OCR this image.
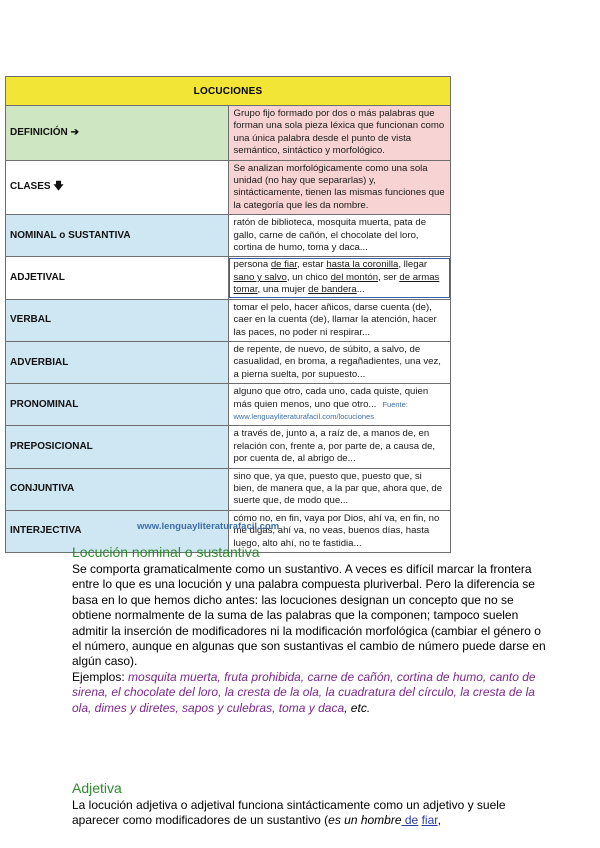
LOCUCIONES	
DEFINICIÓN ➔	Grupo fijo formado por dos o más palabras que forman una sola pieza léxica que funcionan como una única palabra desde el punto de vista semántico, sintáctico y morfológico.
CLASES 🡇	Se analizan morfológicamente como una sola unidad (no hay que separarlas) y, sintácticamente, tienen las mismas funciones que la categoría que les da nombre.
NOMINAL o SUSTANTIVA	ratón de biblioteca, mosquita muerta, pata de gallo, carne de cañón, el chocolate del loro, cortina de humo, toma y daca...
ADJETIVAL	persona de fiar, estar hasta la coronilla, llegar sano y salvo, un chico del montón, ser de armas tomar, una mujer de bandera...
VERBAL	tomar el pelo, hacer añicos, darse cuenta (de), caer en la cuenta (de), llamar la atención, hacer las paces, no poder ni respirar...
ADVERBIAL	de repente, de nuevo, de súbito, a salvo, de casualidad, en broma, a regañadientes, una vez, a pierna suelta, por supuesto...
PRONOMINAL	alguno que otro, cada uno, cada quiste, quien más quien menos, uno que otro... Fuente: www.lenguayliteraturafacil.com/locuciones
PREPOSICIONAL	a través de, junto a, a raíz de, a manos de, en relación con, frente a, por parte de, a causa de, por cuenta de, al abrigo de...
CONJUNTIVA	sino que, ya que, puesto que, puesto que, si bien, de manera que, a la par que, ahora que, de suerte que, de modo que...
INTERJECTIVA	cómo no, en fin, vaya por Dios, ahí va, en fin, no me digas, ahí va, no veas, buenos días, hasta luego, alto ahí, no te fastidia...
www.lenguayliteraturafacil.com
Locución nominal o sustantiva
Se comporta gramaticalmente como un sustantivo. A veces es difícil marcar la frontera entre lo que es una locución y una palabra compuesta pluriverbal. Pero la diferencia se basa en lo que hemos dicho antes: las locuciones designan un concepto que no se obtiene normalmente de la suma de las palabras que la componen; tampoco suelen admitir la inserción de modificadores ni la modificación morfológica (cambiar el género o el número, aunque en algunas que son sustantivas el cambio de número puede darse en algún caso).
Ejemplos: mosquita muerta, fruta prohibida, carne de cañón, cortina de humo, canto de sirena, el chocolate del loro, la cresta de la ola, la cuadratura del círculo, la cresta de la ola, dimes y diretes, sapos y culebras, toma y daca, etc.
Adjetiva
La locución adjetiva o adjetival funciona sintácticamente como un adjetivo y suele aparecer como modificadores de un sustantivo (es un hombre de fiar,
